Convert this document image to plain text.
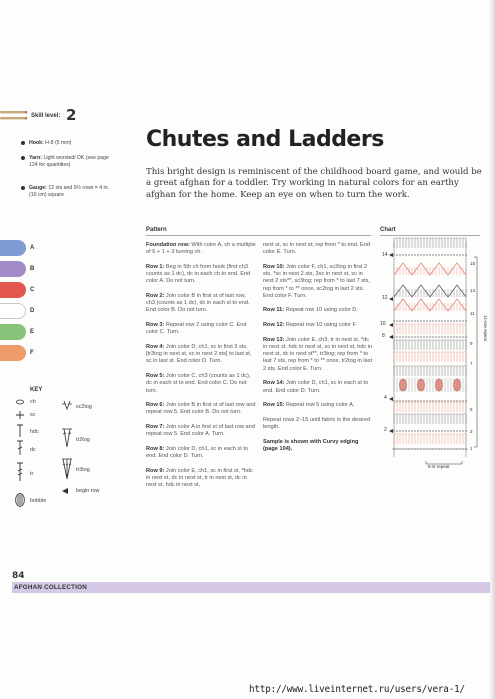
Skill level: 2
Hook: H-8 (5 mm)
Yarn: Light worsted/ DK (see page 124 for quantities)
Gauge: 12 sts and 9½ rows = 4 in. (10 cm) square
A
B
C
D
E
F
KEY
ch
sc
hdc
dc
tr
bobble
sc2tog
tr2tog
tr3tog
begin row
84
AFGHAN COLLECTION
Chutes and Ladders
This bright design is reminiscent of the childhood board game, and would be a great afghan for a toddler. Try working in natural colors for an earthy afghan for the home. Keep an eye on when to turn the work.
Pattern	Chart

Foundation row: With color A, ch a multiple of 6 + 1 + 3 turning ch.

Row 1: Beg in 5th ch from hook (first ch3 counts as 1 dc), dc in each ch to end. End color A. Do not turn.

Row 2: Join color B in first st of last row, ch3 (counts as 1 dc), dc in each st to end. End color B. Do not turn.

Row 3: Repeat row 2 using color C. End color C. Turn.

Row 4: Join color D, ch1, sc in first 3 sts, [tr3tog in next st, sc in next 2 sts] to last st, sc in last st. End color D. Turn.

Row 5: Join color C, ch3 (counts as 1 dc), dc in each st to end. End color C. Do not turn.

Row 6: Join color B in first st of last row and repeat row 5. End color B. Do not turn.

Row 7: Join color A in first st of last row and repeat row 5. End color A. Turn.

Row 8: Join color D, ch1, sc in each st to end. End color D. Turn.

Row 9: Join color E, ch1, sc in first st, *hdc in next st, dc in next st, tr in next st, dc in next st, hdc in next st,

next st, sc in next st; rep from * to end. End color E. Turn.

Row 10: Join color F, ch1, sc2tog in first 2 sts, *sc in next 2 sts, 3sc in next st, sc in next 2 sts**, sc3tog; rep from * to last 7 sts, rep from * to ** once, sc2tog in last 2 sts. End color F. Turn.

Row 11: Repeat row 10 using color D.

Row 12: Repeat row 10 using color F.

Row 13: Join color E, ch3, tr in next st, *dc in next st, hdc in next st, sc in next st, hdc in next st, dc in next st**, tr3tog; rep from * to last 7 sts, rep from * to ** once, tr2tog in last 2 sts. End color E. Turn.

Row 14: Join color D, ch1, sc in each st to end. End color D. Turn.

Row 15: Repeat row 5 using color A.

Repeat rows 2–15 until fabric is the desired length.

Sample is shown with Curvy edging (page 104).

14
12
10
8
4
2
15
13
11
9
7
5
3
1
14-row repeat
6-st repeat
http://www.liveinternet.ru/users/vera-1/
